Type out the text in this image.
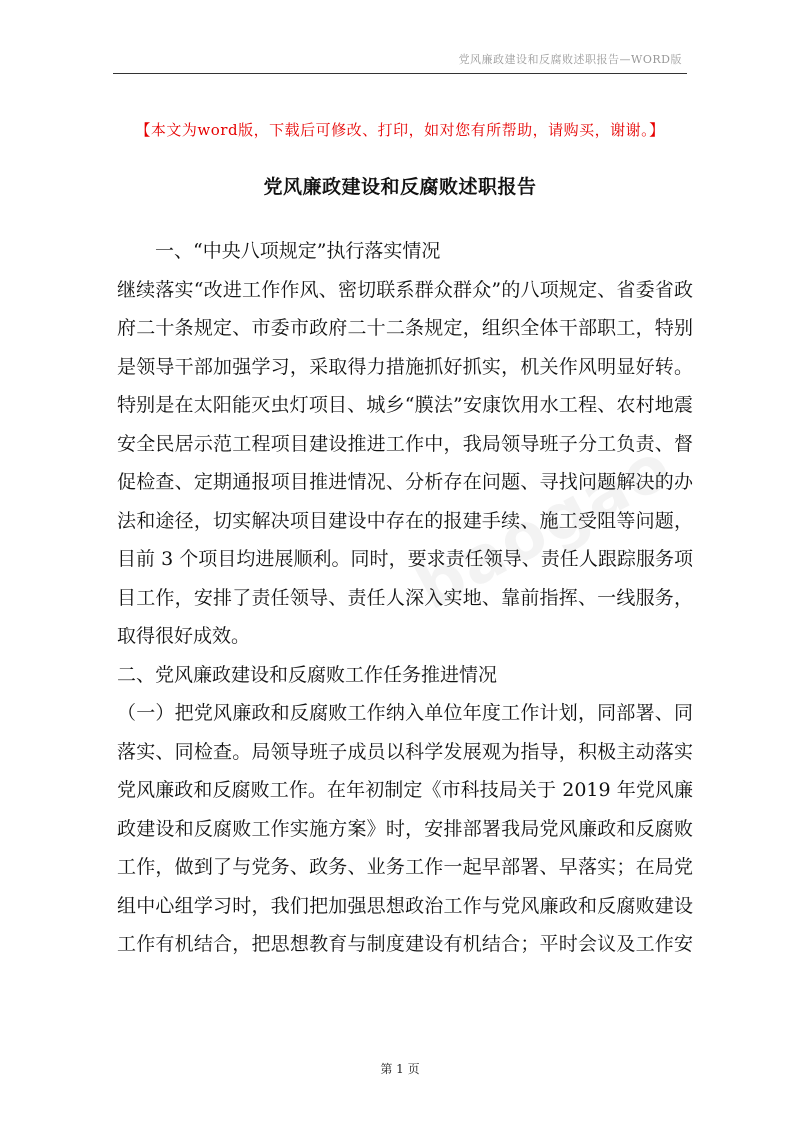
党风廉政建设和反腐败述职报告—WORD版
【本文为word版，下载后可修改、打印，如对您有所帮助，请购买，谢谢。】
党风廉政建设和反腐败述职报告
一、“中央八项规定”执行落实情况
继续落实“改进工作作风、密切联系群众群众”的八项规定、省委省政
府二十条规定、市委市政府二十二条规定，组织全体干部职工，特别
是领导干部加强学习，采取得力措施抓好抓实，机关作风明显好转。
特别是在太阳能灭虫灯项目、城乡“膜法”安康饮用水工程、农村地震
安全民居示范工程项目建设推进工作中，我局领导班子分工负责、督
促检查、定期通报项目推进情况、分析存在问题、寻找问题解决的办
法和途径，切实解决项目建设中存在的报建手续、施工受阻等问题，
目前 3 个项目均进展顺利。同时，要求责任领导、责任人跟踪服务项
目工作，安排了责任领导、责任人深入实地、靠前指挥、一线服务，
取得很好成效。
二、党风廉政建设和反腐败工作任务推进情况
（一）把党风廉政和反腐败工作纳入单位年度工作计划，同部署、同
落实、同检查。局领导班子成员以科学发展观为指导，积极主动落实
党风廉政和反腐败工作。在年初制定《市科技局关于 2019 年党风廉
政建设和反腐败工作实施方案》时，安排部署我局党风廉政和反腐败
工作，做到了与党务、政务、业务工作一起早部署、早落实；在局党
组中心组学习时，我们把加强思想政治工作与党风廉政和反腐败建设
工作有机结合，把思想教育与制度建设有机结合；平时会议及工作安
第 1 页
